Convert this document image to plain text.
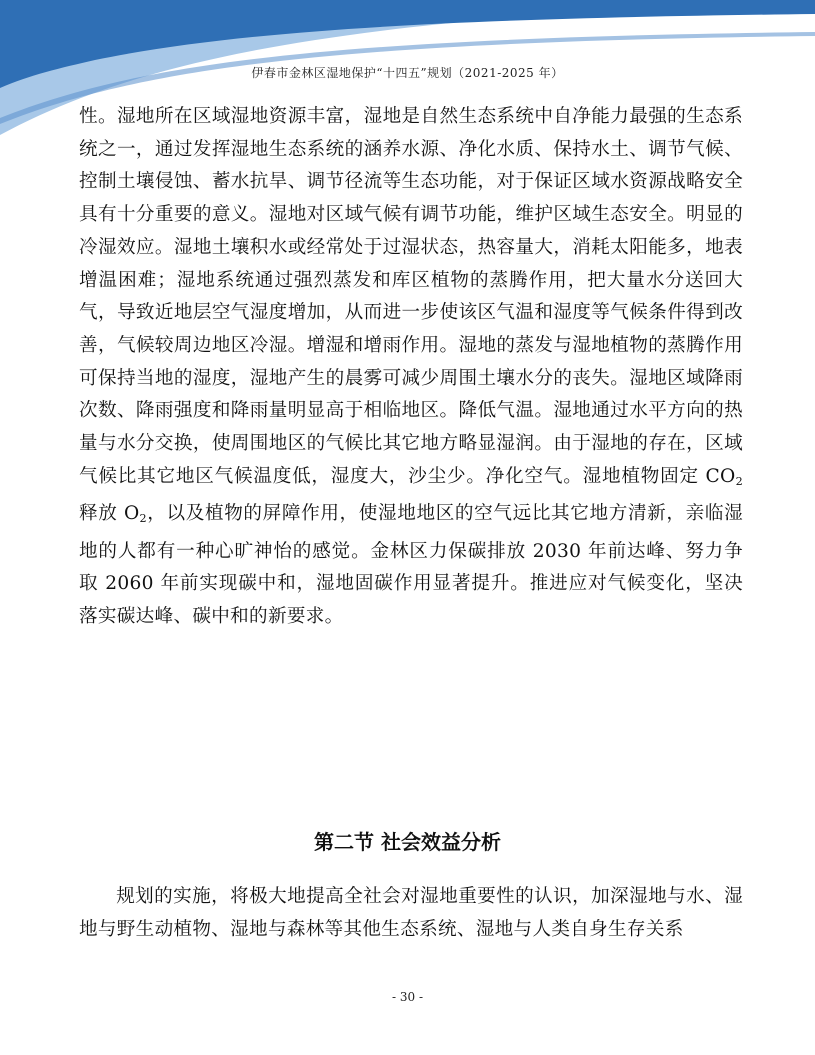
伊春市金林区湿地保护“十四五”规划（2021-2025 年）
性。湿地所在区域湿地资源丰富，湿地是自然生态系统中自净能力最强的生态系统之一，通过发挥湿地生态系统的涵养水源、净化水质、保持水土、调节气候、控制土壤侵蚀、蓄水抗旱、调节径流等生态功能，对于保证区域水资源战略安全具有十分重要的意义。湿地对区域气候有调节功能，维护区域生态安全。明显的冷湿效应。湿地土壤积水或经常处于过湿状态，热容量大，消耗太阳能多，地表增温困难；湿地系统通过强烈蒸发和库区植物的蒸腾作用，把大量水分送回大气，导致近地层空气湿度增加，从而进一步使该区气温和湿度等气候条件得到改善，气候较周边地区冷湿。增湿和增雨作用。湿地的蒸发与湿地植物的蒸腾作用可保持当地的湿度，湿地产生的晨雾可减少周围土壤水分的丧失。湿地区域降雨次数、降雨强度和降雨量明显高于相临地区。降低气温。湿地通过水平方向的热量与水分交换，使周围地区的气候比其它地方略显湿润。由于湿地的存在，区域气候比其它地区气候温度低，湿度大，沙尘少。净化空气。湿地植物固定 $CO_2$ 释放 $O_2$，以及植物的屏障作用，使湿地地区的空气远比其它地方清新，亲临湿地的人都有一种心旷神怡的感觉。金林区力保碳排放 2030 年前达峰、努力争取 2060 年前实现碳中和，湿地固碳作用显著提升。推进应对气候变化，坚决落实碳达峰、碳中和的新要求。
第二节 社会效益分析
规划的实施，将极大地提高全社会对湿地重要性的认识，加深湿地与水、湿地与野生动植物、湿地与森林等其他生态系统、湿地与人类自身生存关系
- 30 -
